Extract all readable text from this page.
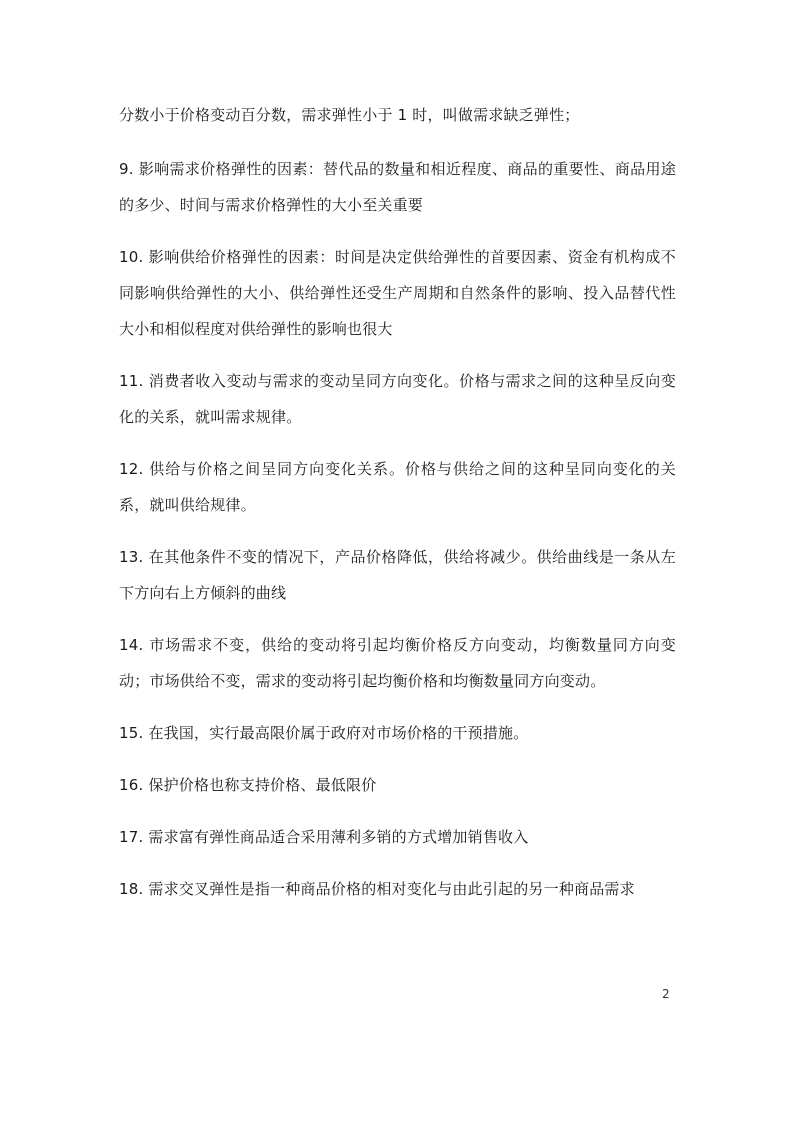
分数小于价格变动百分数，需求弹性小于 1 时，叫做需求缺乏弹性；

9. 影响需求价格弹性的因素：替代品的数量和相近程度、商品的重要性、商品用途的多少、时间与需求价格弹性的大小至关重要

10. 影响供给价格弹性的因素：时间是决定供给弹性的首要因素、资金有机构成不同影响供给弹性的大小、供给弹性还受生产周期和自然条件的影响、投入品替代性大小和相似程度对供给弹性的影响也很大

11. 消费者收入变动与需求的变动呈同方向变化。价格与需求之间的这种呈反向变化的关系，就叫需求规律。

12. 供给与价格之间呈同方向变化关系。价格与供给之间的这种呈同向变化的关系，就叫供给规律。

13. 在其他条件不变的情况下，产品价格降低，供给将减少。供给曲线是一条从左下方向右上方倾斜的曲线

14. 市场需求不变，供给的变动将引起均衡价格反方向变动，均衡数量同方向变动；市场供给不变，需求的变动将引起均衡价格和均衡数量同方向变动。

15. 在我国，实行最高限价属于政府对市场价格的干预措施。

16. 保护价格也称支持价格、最低限价

17. 需求富有弹性商品适合采用薄利多销的方式增加销售收入

18. 需求交叉弹性是指一种商品价格的相对变化与由此引起的另一种商品需求

2
